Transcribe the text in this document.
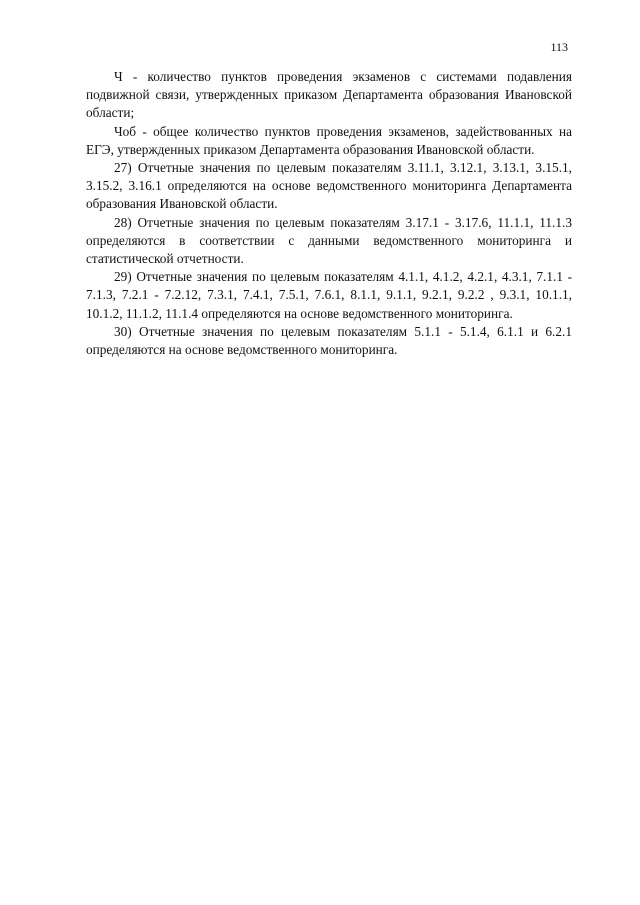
113

Ч - количество пунктов проведения экзаменов с системами подавления подвижной связи, утвержденных приказом Департамента образования Ивановской области;

Чоб - общее количество пунктов проведения экзаменов, задействованных на ЕГЭ, утвержденных приказом Департамента образования Ивановской области.

27) Отчетные значения по целевым показателям 3.11.1, 3.12.1, 3.13.1, 3.15.1, 3.15.2, 3.16.1 определяются на основе ведомственного мониторинга Департамента образования Ивановской области.

28) Отчетные значения по целевым показателям 3.17.1 - 3.17.6, 11.1.1, 11.1.3 определяются в соответствии с данными ведомственного мониторинга и статистической отчетности.

29) Отчетные значения по целевым показателям 4.1.1, 4.1.2, 4.2.1, 4.3.1, 7.1.1 - 7.1.3, 7.2.1 - 7.2.12, 7.3.1, 7.4.1, 7.5.1, 7.6.1, 8.1.1, 9.1.1, 9.2.1, 9.2.2 , 9.3.1, 10.1.1, 10.1.2, 11.1.2, 11.1.4 определяются на основе ведомственного мониторинга.

30) Отчетные значения по целевым показателям 5.1.1 - 5.1.4, 6.1.1 и 6.2.1 определяются на основе ведомственного мониторинга.
